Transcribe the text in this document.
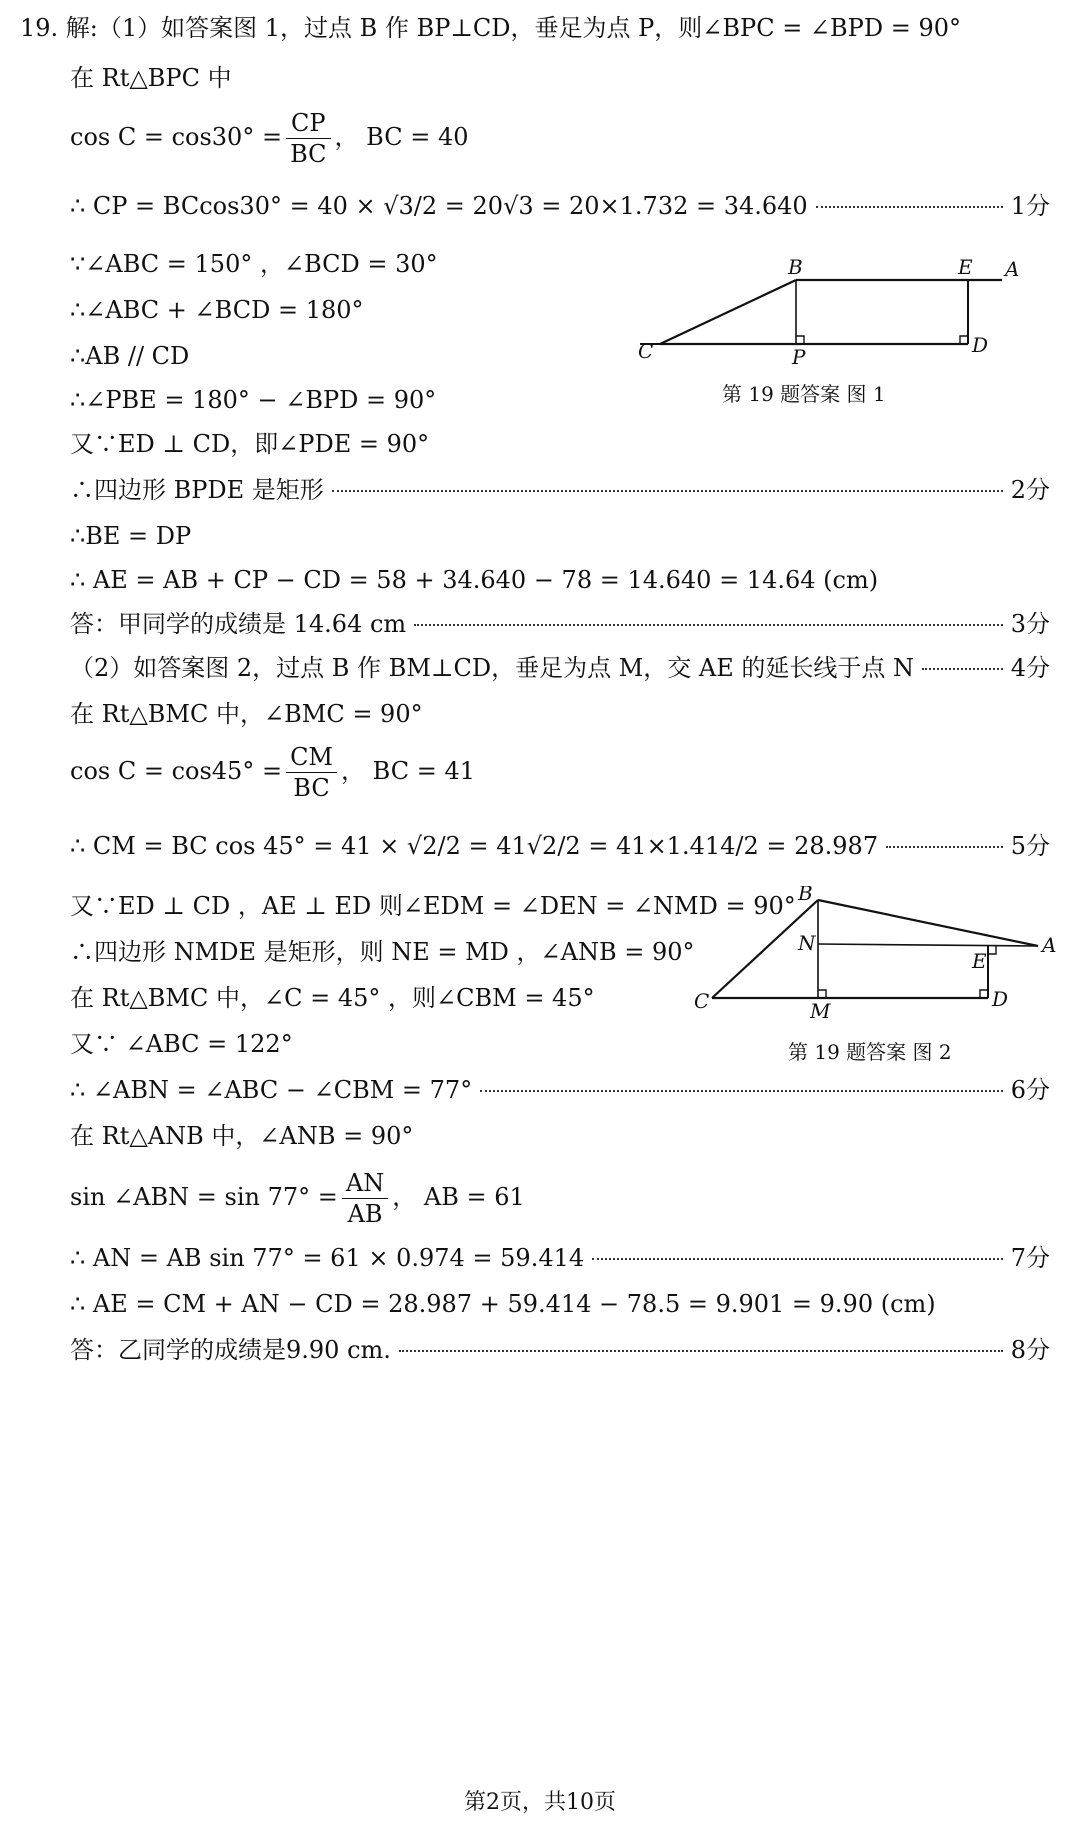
19. 解:（1）如答案图 1，过点 B 作 BP⊥CD，垂足为点 P，则∠BPC = ∠BPD = 90°
在 Rt△BPC 中
$\cos C = \cos 30^\circ = \frac{CP}{BC}$ ， BC = 40
∴ CP = BCcos30° = 40 × √3/2 = 20√3 = 20×1.732 = 34.640	1分
∵∠ABC = 150° ，∠BCD = 30°
∴∠ABC + ∠BCD = 180°
∴AB // CD
∴∠PBE = 180° − ∠BPD = 90°
又∵ED ⊥ CD，即∠PDE = 90°
∴四边形 BPDE 是矩形	2分
∴BE = DP
∴ AE = AB + CP − CD = 58 + 34.640 − 78 = 14.640 = 14.64 (cm)
答：甲同学的成绩是 14.64 cm	3分
（2）如答案图 2，过点 B 作 BM⊥CD，垂足为点 M，交 AE 的延长线于点 N	4分
在 Rt△BMC 中，∠BMC = 90°
$\cos C = \cos 45^\circ = \frac{CM}{BC}$ ， BC = 41
∴ CM = BC cos 45° = 41 × √2/2 = 41√2/2 = 41×1.414/2 = 28.987	5分
又∵ED ⊥ CD ，AE ⊥ ED 则∠EDM = ∠DEN = ∠NMD = 90°
∴四边形 NMDE 是矩形，则 NE = MD ，∠ANB = 90°
在 Rt△BMC 中，∠C = 45° ，则∠CBM = 45°
又∵ ∠ABC = 122°
∴ ∠ABN = ∠ABC − ∠CBM = 77°	6分
在 Rt△ANB 中，∠ANB = 90°
sin ∠ABN = $\sin 77^\circ = \frac{AN}{AB}$ ， AB = 61
∴ AN = AB sin 77° = 61 × 0.974 = 59.414	7分
∴ AE = CM + AN − CD = 28.987 + 59.414 − 78.5 = 9.901 = 9.90 (cm)
答：乙同学的成绩是9.90 cm.	8分
B	E A
C	P	D
第 19 题答案 图 1
B
N
E
A
C	M	D
第 19 题答案 图 2
第2页，共10页
